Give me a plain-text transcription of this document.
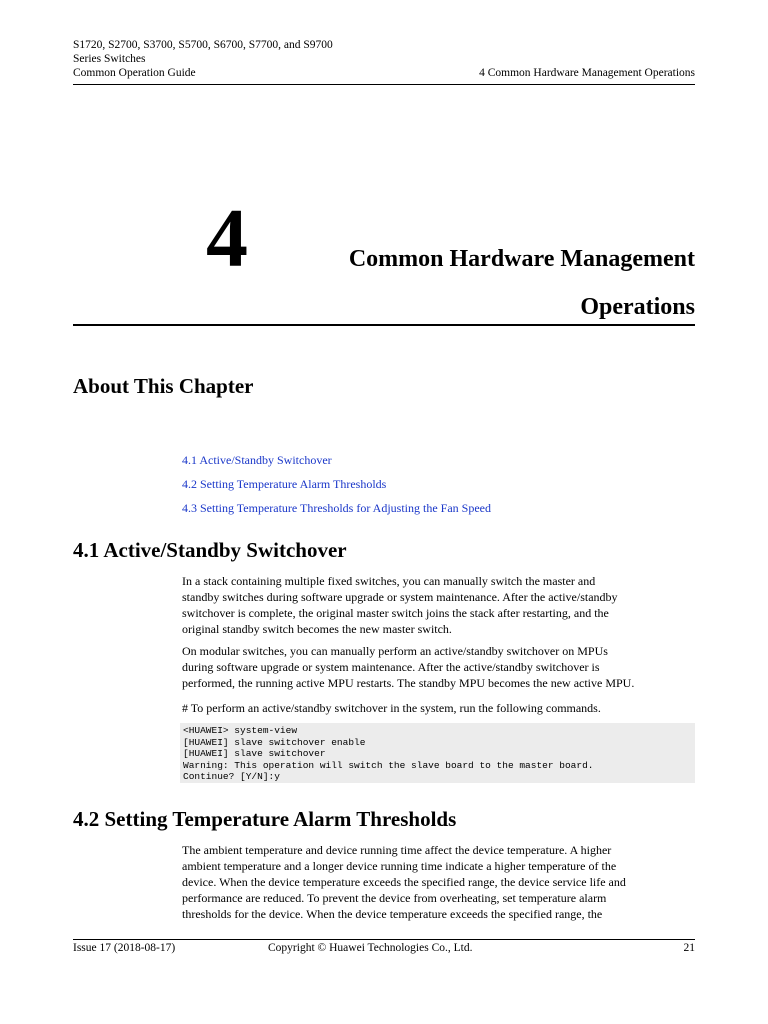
S1720, S2700, S3700, S5700, S6700, S7700, and S9700
Series Switches
Common Operation Guide	4 Common Hardware Management Operations
4	Common Hardware Management
Operations
About This Chapter
4.1 Active/Standby Switchover
4.2 Setting Temperature Alarm Thresholds
4.3 Setting Temperature Thresholds for Adjusting the Fan Speed
4.1 Active/Standby Switchover
In a stack containing multiple fixed switches, you can manually switch the master and
standby switches during software upgrade or system maintenance. After the active/standby
switchover is complete, the original master switch joins the stack after restarting, and the
original standby switch becomes the new master switch.
On modular switches, you can manually perform an active/standby switchover on MPUs
during software upgrade or system maintenance. After the active/standby switchover is
performed, the running active MPU restarts. The standby MPU becomes the new active MPU.
# To perform an active/standby switchover in the system, run the following commands.
<HUAWEI> system-view
[HUAWEI] slave switchover enable
[HUAWEI] slave switchover
Warning: This operation will switch the slave board to the master board.
Continue? [Y/N]:y
4.2 Setting Temperature Alarm Thresholds
The ambient temperature and device running time affect the device temperature. A higher
ambient temperature and a longer device running time indicate a higher temperature of the
device. When the device temperature exceeds the specified range, the device service life and
performance are reduced. To prevent the device from overheating, set temperature alarm
thresholds for the device. When the device temperature exceeds the specified range, the
Issue 17 (2018-08-17)	Copyright © Huawei Technologies Co., Ltd.	21
